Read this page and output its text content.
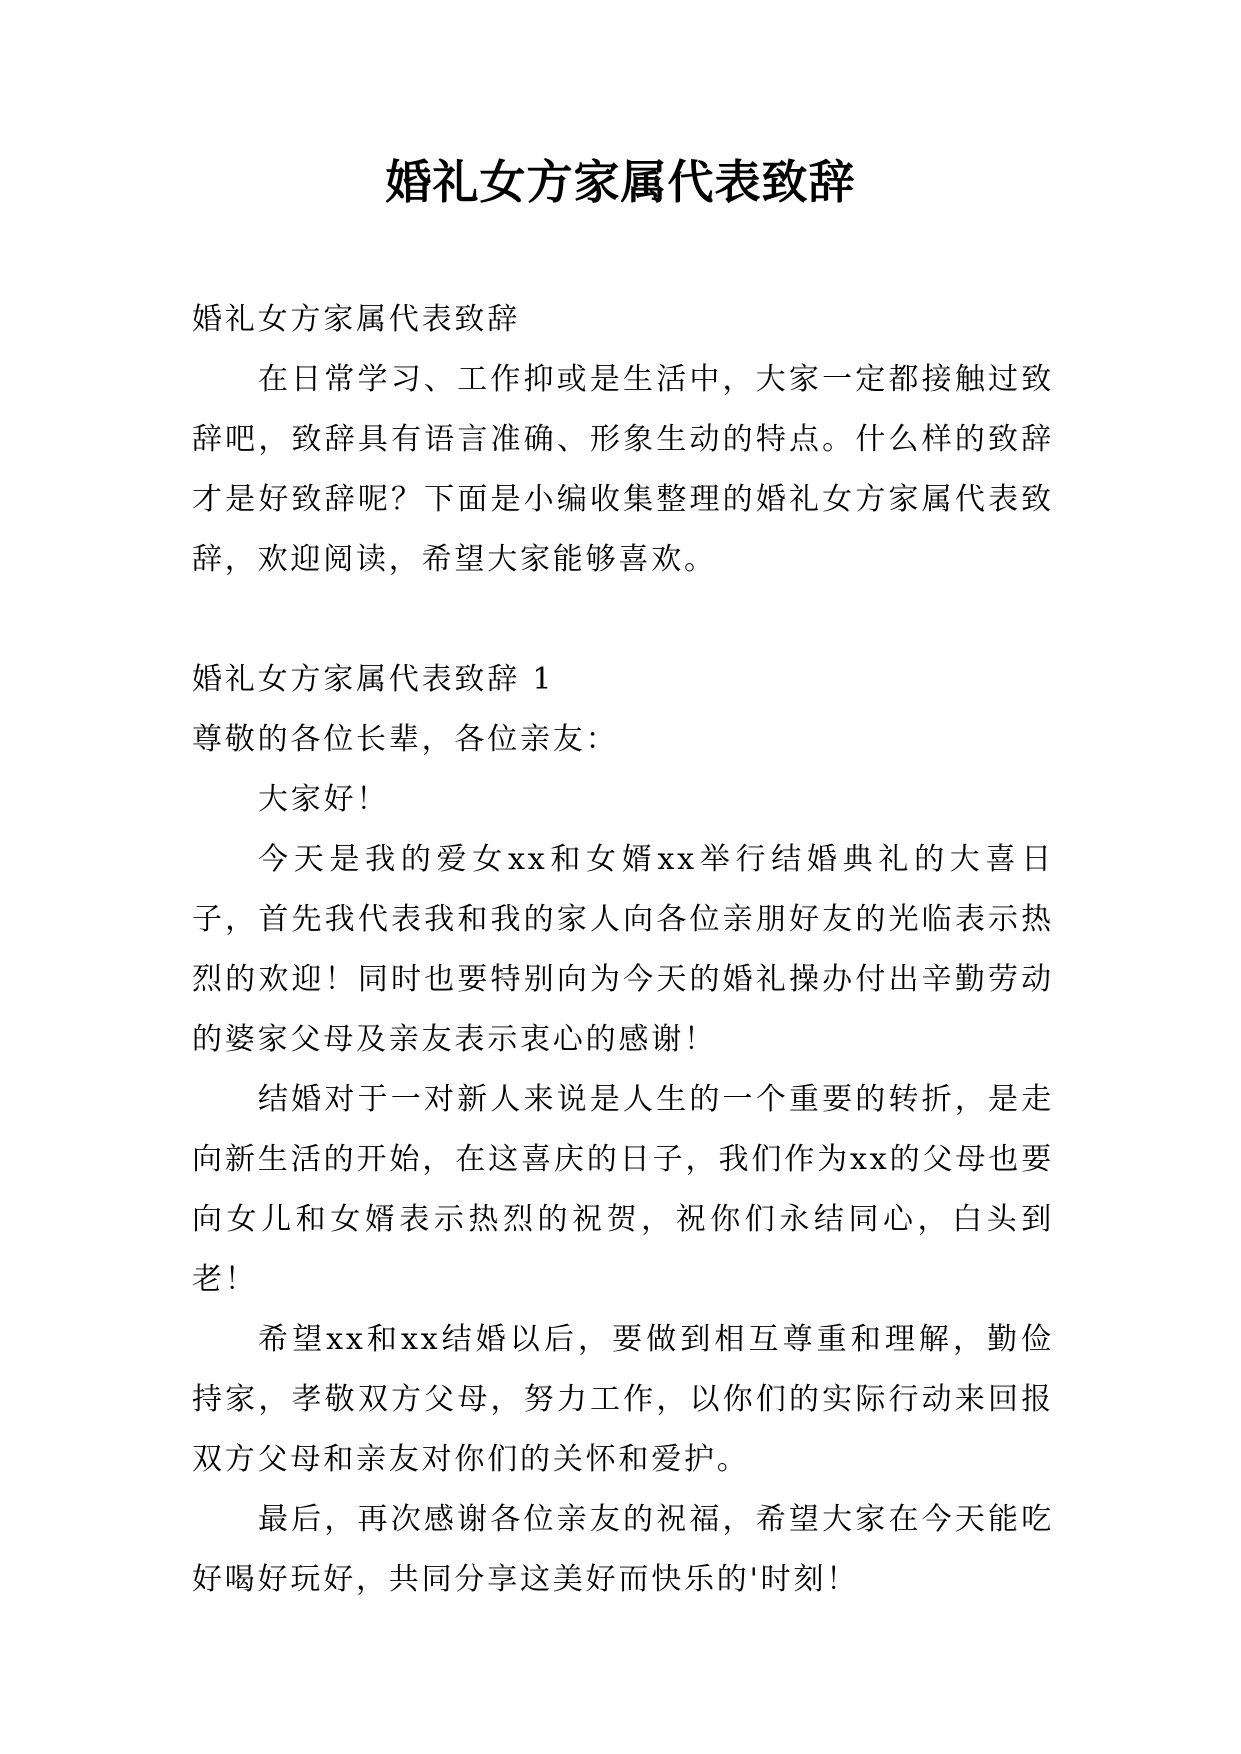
婚礼女方家属代表致辞

婚礼女方家属代表致辞

在日常学习、工作抑或是生活中，大家一定都接触过致辞吧，致辞具有语言准确、形象生动的特点。什么样的致辞才是好致辞呢？下面是小编收集整理的婚礼女方家属代表致辞，欢迎阅读，希望大家能够喜欢。

婚礼女方家属代表致辞 1

尊敬的各位长辈，各位亲友：

大家好！

今天是我的爱女xx和女婿xx举行结婚典礼的大喜日子，首先我代表我和我的家人向各位亲朋好友的光临表示热烈的欢迎！同时也要特别向为今天的婚礼操办付出辛勤劳动的婆家父母及亲友表示衷心的感谢！

结婚对于一对新人来说是人生的一个重要的转折，是走向新生活的开始，在这喜庆的日子，我们作为xx的父母也要向女儿和女婿表示热烈的祝贺，祝你们永结同心，白头到老！

希望xx和xx结婚以后，要做到相互尊重和理解，勤俭持家，孝敬双方父母，努力工作，以你们的实际行动来回报双方父母和亲友对你们的关怀和爱护。

最后，再次感谢各位亲友的祝福，希望大家在今天能吃好喝好玩好，共同分享这美好而快乐的'时刻！
